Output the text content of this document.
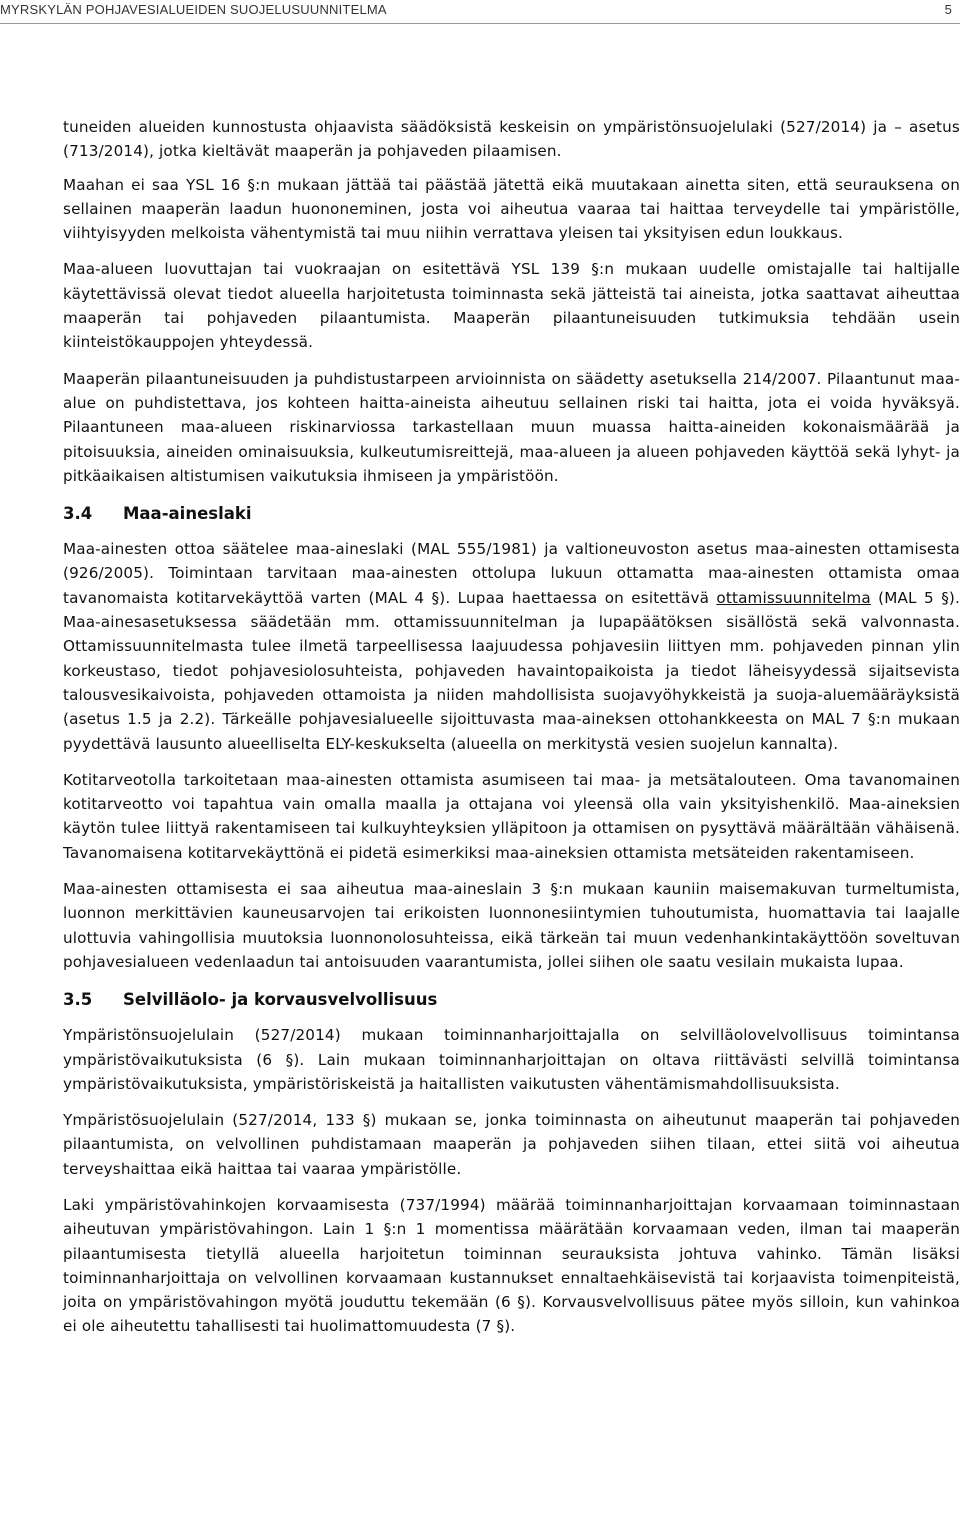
MYRSKYLÄN POHJAVESIALUEIDEN SUOJELUSUUNNITELMA	5

tuneiden alueiden kunnostusta ohjaavista säädöksistä keskeisin on ympäristönsuojelulaki (527/2014) ja – asetus (713/2014), jotka kieltävät maaperän ja pohjaveden pilaamisen.

Maahan ei saa YSL 16 §:n mukaan jättää tai päästää jätettä eikä muutakaan ainetta siten, että seurauksena on sellainen maaperän laadun huononeminen, josta voi aiheutua vaaraa tai haittaa terveydelle tai ympäristölle, viihtyisyyden melkoista vähentymistä tai muu niihin verrattava yleisen tai yksityisen edun loukkaus.

Maa-alueen luovuttajan tai vuokraajan on esitettävä YSL 139 §:n mukaan uudelle omistajalle tai haltijalle käytettävissä olevat tiedot alueella harjoitetusta toiminnasta sekä jätteistä tai aineista, jotka saattavat aiheuttaa maaperän tai pohjaveden pilaantumista. Maaperän pilaantuneisuuden tutkimuksia tehdään usein kiinteistökauppojen yhteydessä.

Maaperän pilaantuneisuuden ja puhdistustarpeen arvioinnista on säädetty asetuksella 214/2007. Pilaantunut maa-alue on puhdistettava, jos kohteen haitta-aineista aiheutuu sellainen riski tai haitta, jota ei voida hyväksyä. Pilaantuneen maa-alueen riskinarviossa tarkastellaan muun muassa haitta-aineiden kokonaismäärää ja pitoisuuksia, aineiden ominaisuuksia, kulkeutumisreittejä, maa-alueen ja alueen pohjaveden käyttöä sekä lyhyt- ja pitkäaikaisen altistumisen vaikutuksia ihmiseen ja ympäristöön.

3.4 Maa-aineslaki

Maa-ainesten ottoa säätelee maa-aineslaki (MAL 555/1981) ja valtioneuvoston asetus maa-ainesten ottamisesta (926/2005). Toimintaan tarvitaan maa-ainesten ottolupa lukuun ottamatta maa-ainesten ottamista omaa tavanomaista kotitarvekäyttöä varten (MAL 4 §). Lupaa haettaessa on esitettävä ottamissuunnitelma (MAL 5 §). Maa-ainesasetuksessa säädetään mm. ottamissuunnitelman ja lupapäätöksen sisällöstä sekä valvonnasta. Ottamissuunnitelmasta tulee ilmetä tarpeellisessa laajuudessa pohjavesiin liittyen mm. pohjaveden pinnan ylin korkeustaso, tiedot pohjavesiolosuhteista, pohjaveden havaintopaikoista ja tiedot läheisyydessä sijaitsevista talousvesikaivoista, pohjaveden ottamoista ja niiden mahdollisista suojavyöhykkeistä ja suoja-aluemääräyksistä (asetus 1.5 ja 2.2). Tärkeälle pohjavesialueelle sijoittuvasta maa-aineksen ottohankkeesta on MAL 7 §:n mukaan pyydettävä lausunto alueelliselta ELY-keskukselta (alueella on merkitystä vesien suojelun kannalta).

Kotitarveotolla tarkoitetaan maa-ainesten ottamista asumiseen tai maa- ja metsätalouteen. Oma tavanomainen kotitarveotto voi tapahtua vain omalla maalla ja ottajana voi yleensä olla vain yksityishenkilö. Maa-aineksien käytön tulee liittyä rakentamiseen tai kulkuyhteyksien ylläpitoon ja ottamisen on pysyttävä määrältään vähäisenä. Tavanomaisena kotitarvekäyttönä ei pidetä esimerkiksi maa-aineksien ottamista metsäteiden rakentamiseen.

Maa-ainesten ottamisesta ei saa aiheutua maa-aineslain 3 §:n mukaan kauniin maisemakuvan turmeltumista, luonnon merkittävien kauneusarvojen tai erikoisten luonnonesiintymien tuhoutumista, huomattavia tai laajalle ulottuvia vahingollisia muutoksia luonnonolosuhteissa, eikä tärkeän tai muun vedenhankintakäyttöön soveltuvan pohjavesialueen vedenlaadun tai antoisuuden vaarantumista, jollei siihen ole saatu vesilain mukaista lupaa.

3.5 Selvilläolo- ja korvausvelvollisuus

Ympäristönsuojelulain (527/2014) mukaan toiminnanharjoittajalla on selvilläolovelvollisuus toimintansa ympäristövaikutuksista (6 §). Lain mukaan toiminnanharjoittajan on oltava riittävästi selvillä toimintansa ympäristövaikutuksista, ympäristöriskeistä ja haitallisten vaikutusten vähentämismahdollisuuksista.

Ympäristösuojelulain (527/2014, 133 §) mukaan se, jonka toiminnasta on aiheutunut maaperän tai pohjaveden pilaantumista, on velvollinen puhdistamaan maaperän ja pohjaveden siihen tilaan, ettei siitä voi aiheutua terveyshaittaa eikä haittaa tai vaaraa ympäristölle.

Laki ympäristövahinkojen korvaamisesta (737/1994) määrää toiminnanharjoittajan korvaamaan toiminnastaan aiheutuvan ympäristövahingon. Lain 1 §:n 1 momentissa määrätään korvaamaan veden, ilman tai maaperän pilaantumisesta tietyllä alueella harjoitetun toiminnan seurauksista johtuva vahinko. Tämän lisäksi toiminnanharjoittaja on velvollinen korvaamaan kustannukset ennaltaehkäisevistä tai korjaavista toimenpiteistä, joita on ympäristövahingon myötä jouduttu tekemään (6 §). Korvausvelvollisuus pätee myös silloin, kun vahinkoa ei ole aiheutettu tahallisesti tai huolimattomuudesta (7 §).
